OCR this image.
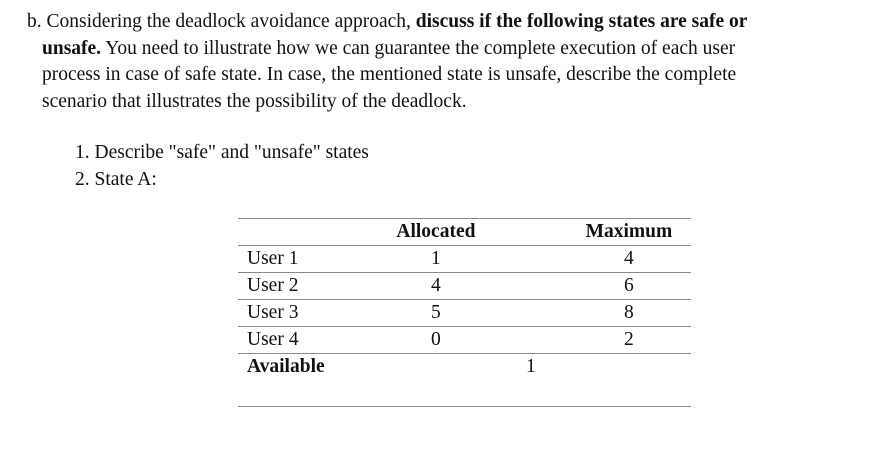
b. Considering the deadlock avoidance approach, discuss if the following states are safe or
unsafe. You need to illustrate how we can guarantee the complete execution of each user
process in case of safe state. In case, the mentioned state is unsafe, describe the complete
scenario that illustrates the possibility of the deadlock.
1. Describe "safe" and "unsafe" states
2. State A:
	Allocated		Maximum
User 1	1		4
User 2	4		6
User 3	5		8
User 4	0		2

Available		1	
